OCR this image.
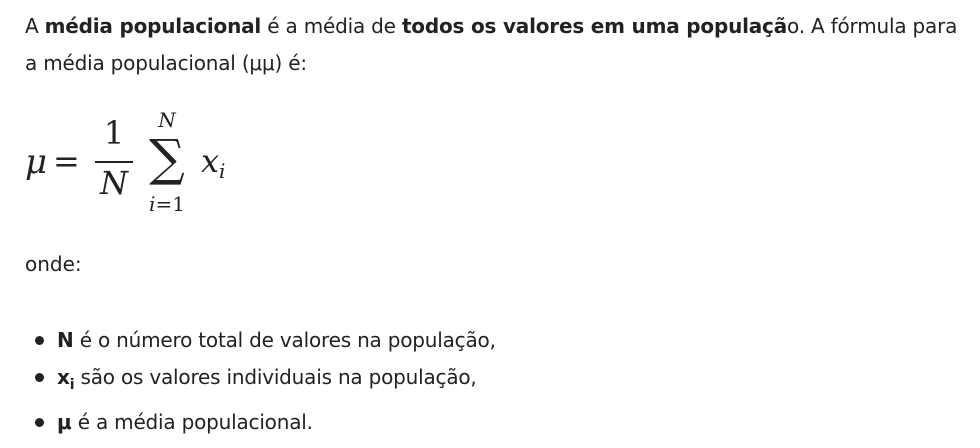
A média populacional é a média de todos os valores em uma população. A fórmula para a média populacional (μμ) é:

μ =
1
N
N
∑
i=1
$x_i$

onde:

N é o número total de valores na população,
$x_i$ são os valores individuais na população,
μ é a média populacional.
